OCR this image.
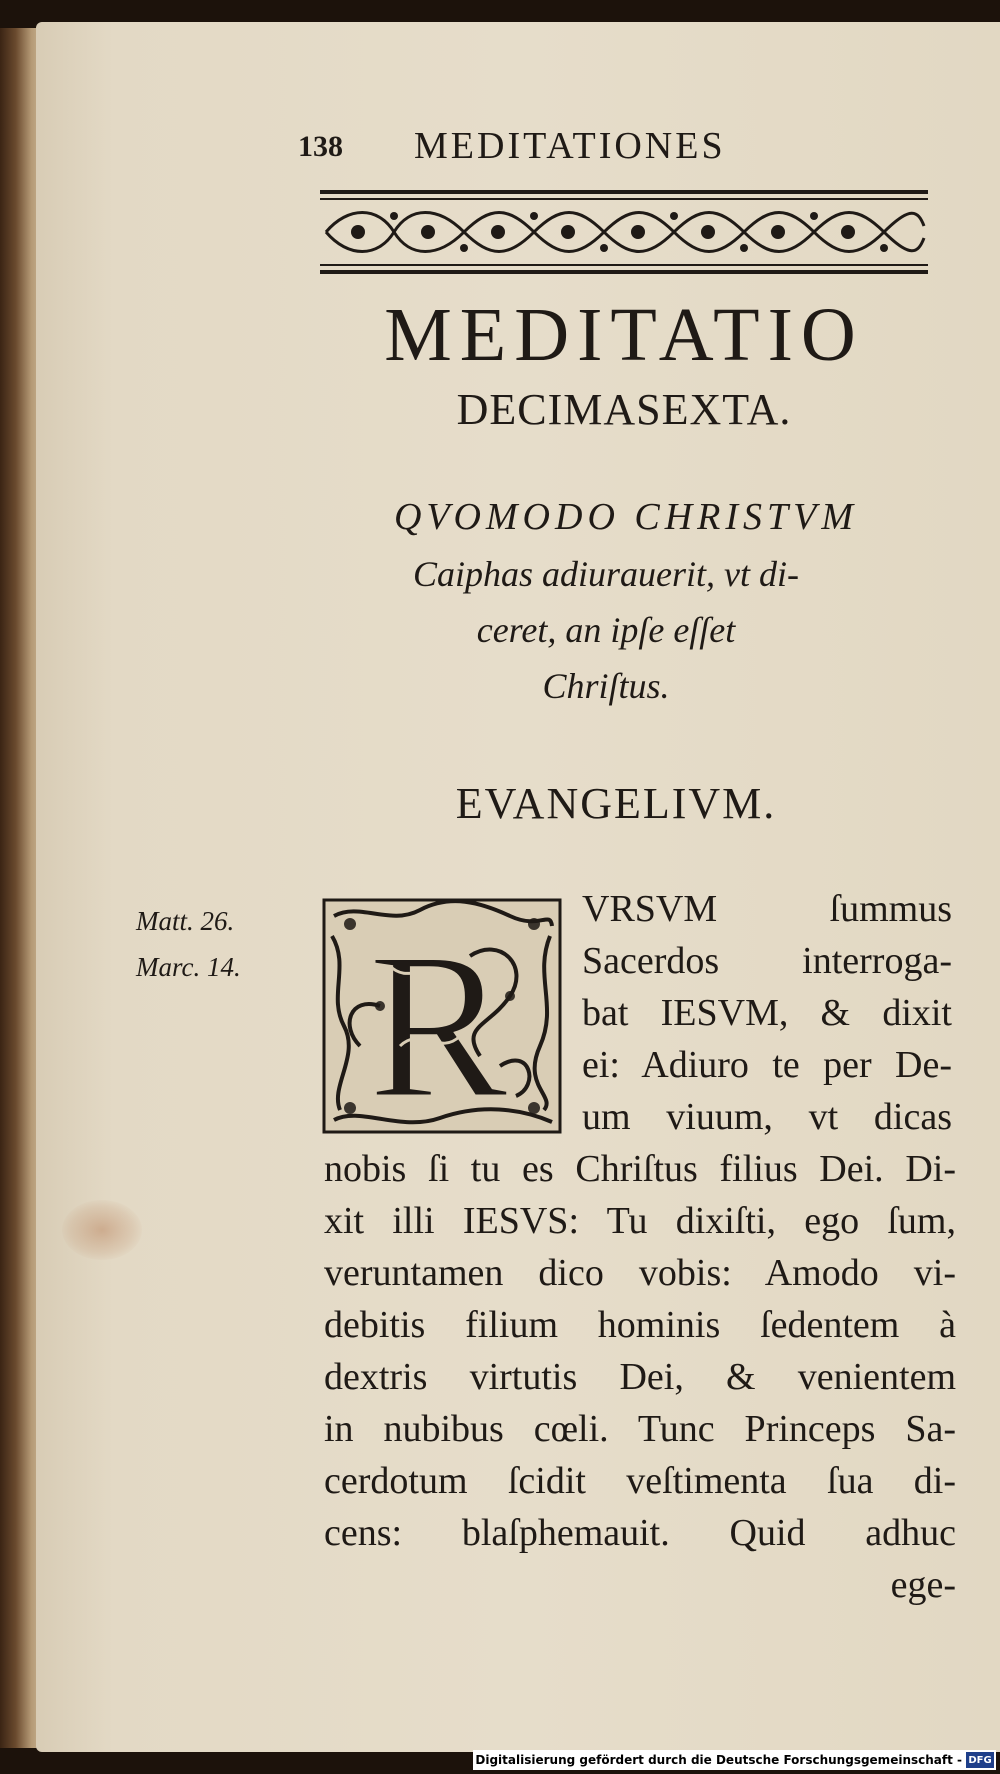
138 MEDITATIONES
MEDITATIO
DECIMASEXTA.
QVOMODO CHRISTVM
Caiphas adiurauerit, vt di-
ceret, an ipſe eſſet
Chriſtus.
EVANGELIVM.
Matt. 26.
Marc. 14. R
VRSVM ſummus
Sacerdos interroga-
bat IESVM, & dixit
ei: Adiuro te per De-
um viuum, vt dicas
nobis ſi tu es Chriſtus filius Dei. Di-
xit illi IESVS: Tu dixiſti, ego ſum,
veruntamen dico vobis: Amodo vi-
debitis filium hominis ſedentem à
dextris virtutis Dei, & venientem
in nubibus cœli. Tunc Princeps Sa-
cerdotum ſcidit veſtimenta ſua di-
cens: blaſphemauit. Quid adhuc
ege-
Digitalisierung gefördert durch die Deutsche Forschungsgemeinschaft - DFG
